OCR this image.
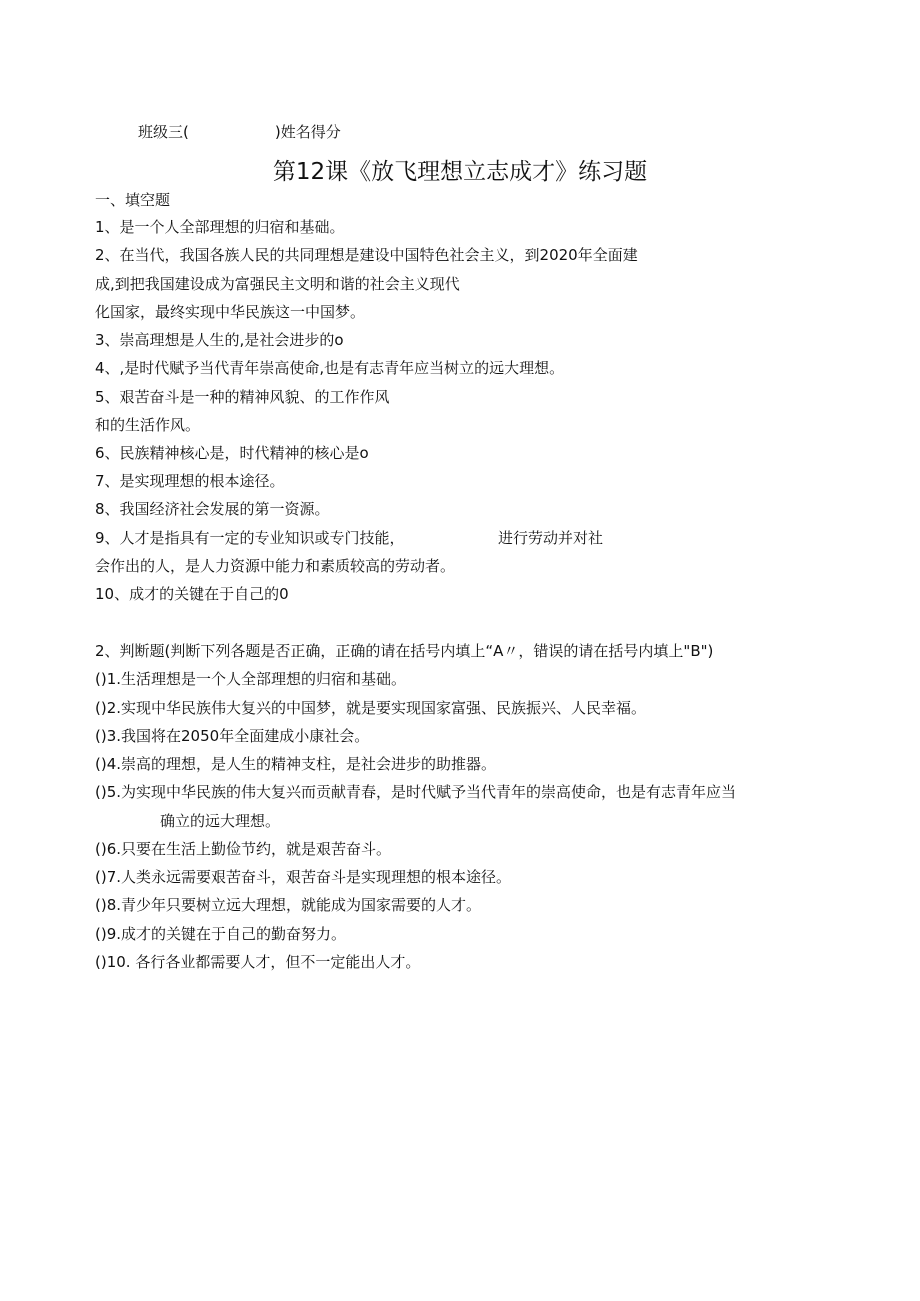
班级三(	)姓名得分
第12课《放飞理想立志成才》练习题
一、填空题
1、是一个人全部理想的归宿和基础。
2、在当代，我国各族人民的共同理想是建设中国特色社会主义，到2020年全面建
成,到把我国建设成为富强民主文明和谐的社会主义现代
化国家，最终实现中华民族这一中国梦。
3、崇高理想是人生的,是社会进步的o
4、,是时代赋予当代青年崇高使命,也是有志青年应当树立的远大理想。
5、艰苦奋斗是一种的精神风貌、的工作作风
和的生活作风。
6、民族精神核心是，时代精神的核心是o
7、是实现理想的根本途径。
8、我国经济社会发展的第一资源。
9、人才是指具有一定的专业知识或专门技能，	进行劳动并对社
会作出的人，是人力资源中能力和素质较高的劳动者。
10、成才的关键在于自己的0
2、判断题(判断下列各题是否正确，正确的请在括号内填上“A〃，错误的请在括号内填上"B")
()1.生活理想是一个人全部理想的归宿和基础。
()2.实现中华民族伟大复兴的中国梦，就是要实现国家富强、民族振兴、人民幸福。
()3.我国将在2050年全面建成小康社会。
()4.崇高的理想，是人生的精神支柱，是社会进步的助推器。
()5.为实现中华民族的伟大复兴而贡献青春，是时代赋予当代青年的崇高使命，也是有志青年应当
确立的远大理想。
()6.只要在生活上勤俭节约，就是艰苦奋斗。
()7.人类永远需要艰苦奋斗，艰苦奋斗是实现理想的根本途径。
()8.青少年只要树立远大理想，就能成为国家需要的人才。
()9.成才的关键在于自己的勤奋努力。
()10. 各行各业都需要人才，但不一定能出人才。
